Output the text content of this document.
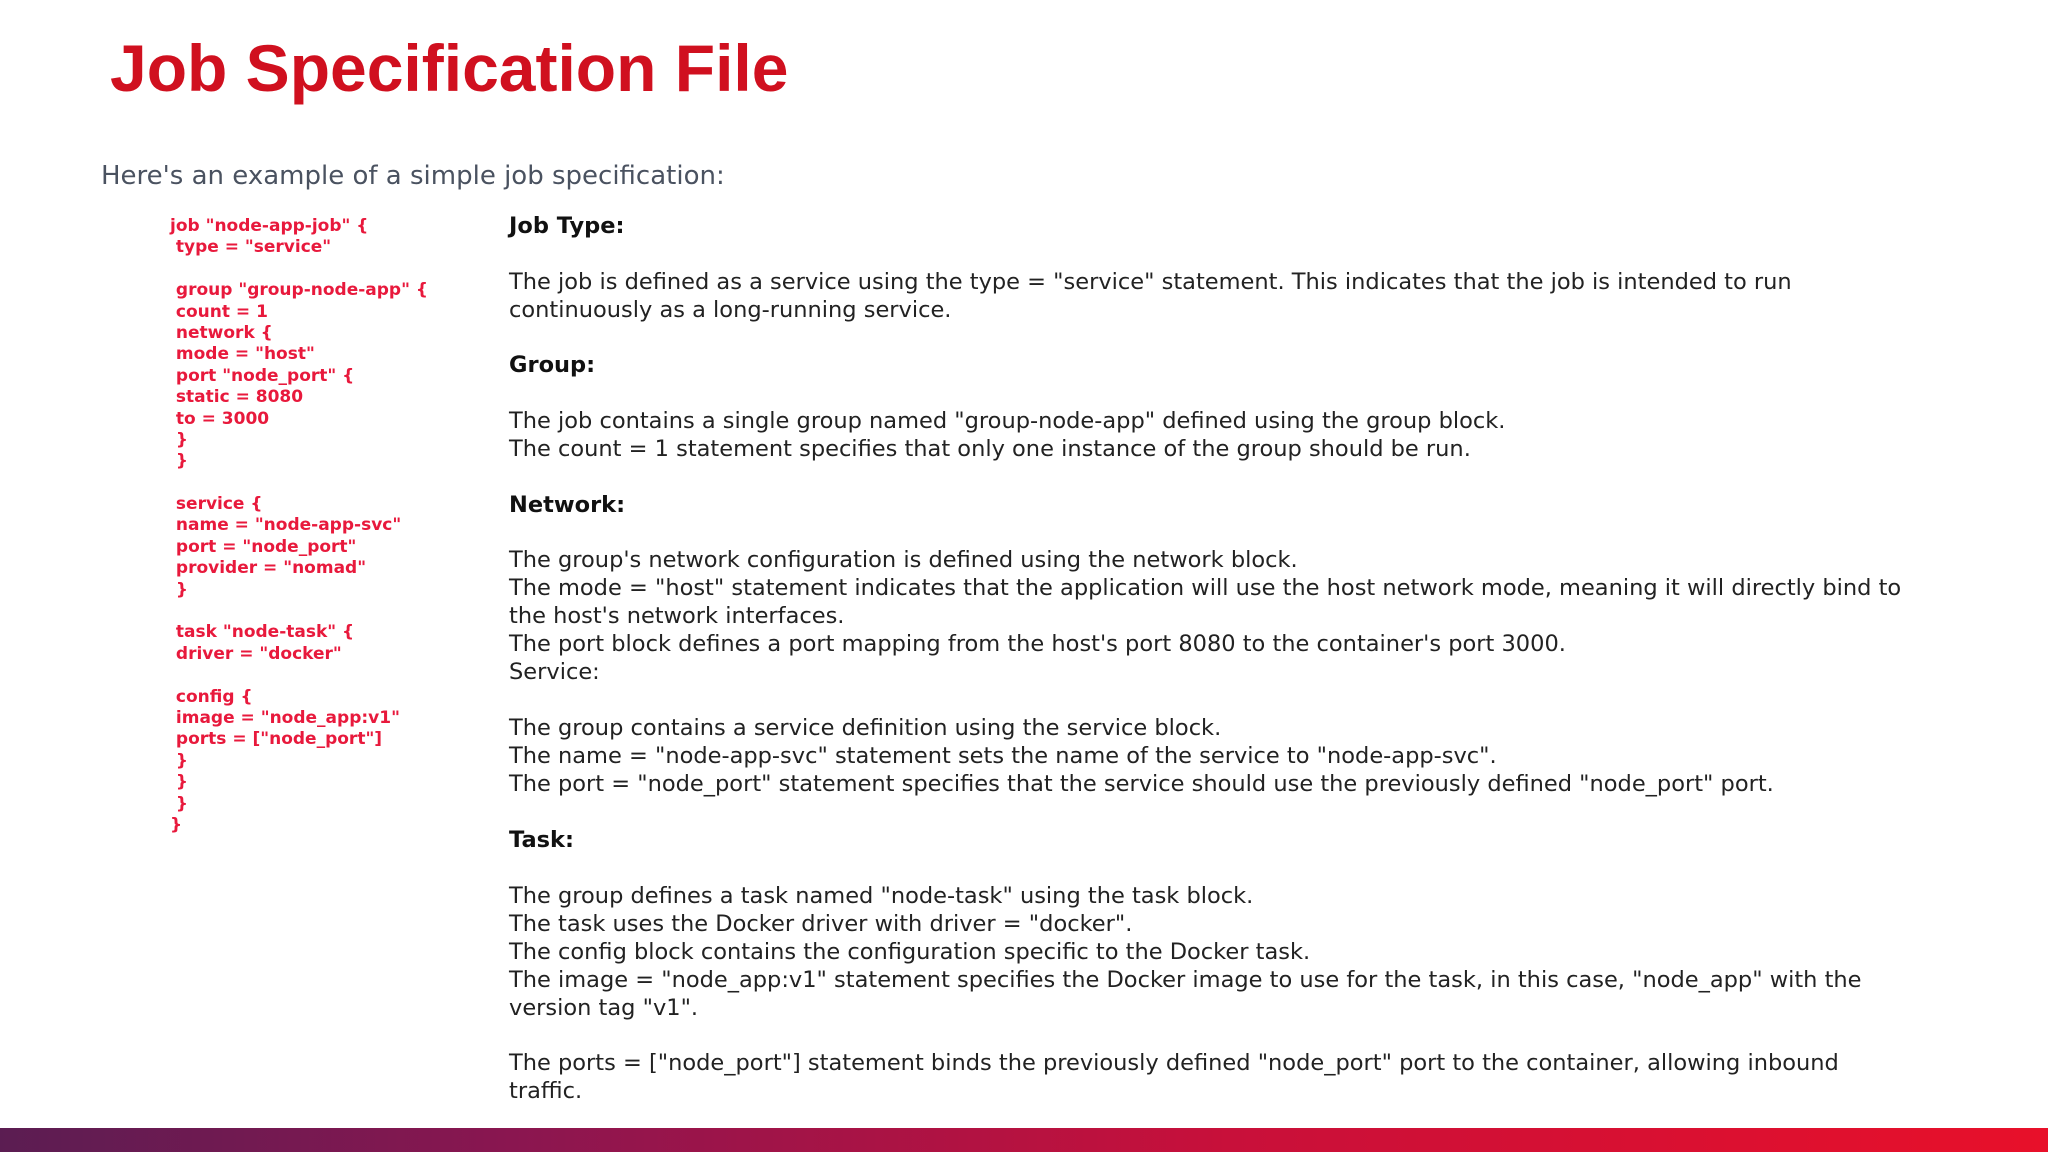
Job Specification File
Here's an example of a simple job specification:
job "node-app-job" {
type = "service"
group "group-node-app" {
count = 1
network {
mode = "host"
port "node_port" {
static = 8080
to = 3000
}
}
service {
name = "node-app-svc"
port = "node_port"
provider = "nomad"
}
task "node-task" {
driver = "docker"
config {
image = "node_app:v1"
ports = ["node_port"]
}
}
}
}
Job Type:
The job is defined as a service using the type = "service" statement. This indicates that the job is intended to run
continuously as a long-running service.
Group:
The job contains a single group named "group-node-app" defined using the group block.
The count = 1 statement specifies that only one instance of the group should be run.
Network:
The group's network configuration is defined using the network block.
The mode = "host" statement indicates that the application will use the host network mode, meaning it will directly bind to
the host's network interfaces.
The port block defines a port mapping from the host's port 8080 to the container's port 3000.
Service:
The group contains a service definition using the service block.
The name = "node-app-svc" statement sets the name of the service to "node-app-svc".
The port = "node_port" statement specifies that the service should use the previously defined "node_port" port.
Task:
The group defines a task named "node-task" using the task block.
The task uses the Docker driver with driver = "docker".
The config block contains the configuration specific to the Docker task.
The image = "node_app:v1" statement specifies the Docker image to use for the task, in this case, "node_app" with the
version tag "v1".
The ports = ["node_port"] statement binds the previously defined "node_port" port to the container, allowing inbound
traffic.
